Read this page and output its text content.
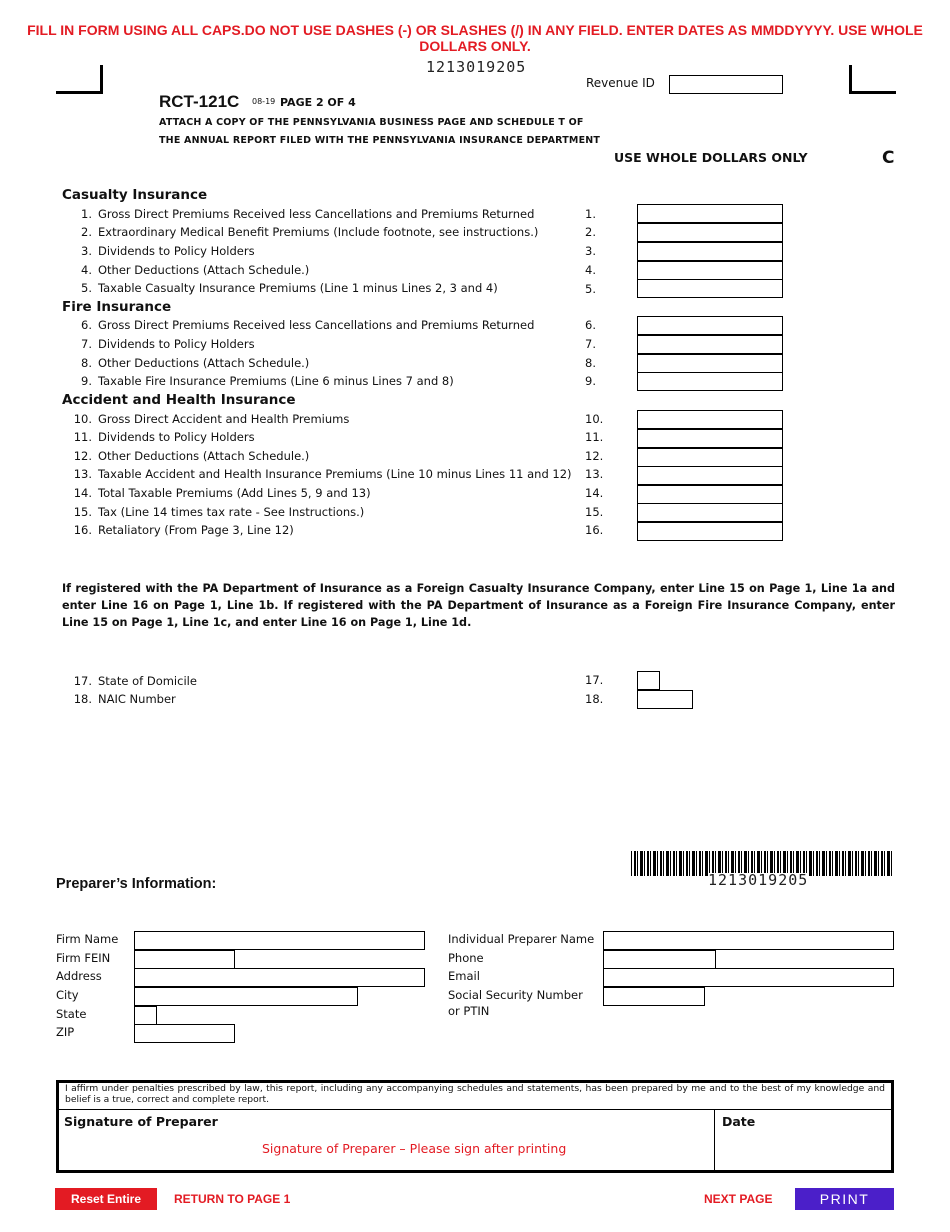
FILL IN FORM USING ALL CAPS.DO NOT USE DASHES (-) OR SLASHES (/) IN ANY FIELD. ENTER DATES AS MMDDYYYY. USE WHOLE DOLLARS ONLY.
1213019205
RCT-121C 08-19 PAGE 2 OF 4
ATTACH A COPY OF THE PENNSYLVANIA BUSINESS PAGE AND SCHEDULE T OF
THE ANNUAL REPORT FILED WITH THE PENNSYLVANIA INSURANCE DEPARTMENT
Revenue ID
USE WHOLE DOLLARS ONLY	C
Casualty Insurance
Fire Insurance
Accident and Health Insurance
1. Gross Direct Premiums Received less Cancellations and Premiums Returned	1.
2. Extraordinary Medical Benefit Premiums (Include footnote, see instructions.)	2.
3. Dividends to Policy Holders	3.
4. Other Deductions (Attach Schedule.)	4.
5. Taxable Casualty Insurance Premiums (Line 1 minus Lines 2, 3 and 4)	5.
6. Gross Direct Premiums Received less Cancellations and Premiums Returned	6.
7. Dividends to Policy Holders	7.
8. Other Deductions (Attach Schedule.)	8.
9. Taxable Fire Insurance Premiums (Line 6 minus Lines 7 and 8)	9.
10. Gross Direct Accident and Health Premiums	10.
11. Dividends to Policy Holders	11.
12. Other Deductions (Attach Schedule.)	12.
13. Taxable Accident and Health Insurance Premiums (Line 10 minus Lines 11 and 12) 13.
14. Total Taxable Premiums (Add Lines 5, 9 and 13)	14.
15. Tax (Line 14 times tax rate - See Instructions.)	15.
16. Retaliatory (From Page 3, Line 12)	16.
If registered with the PA Department of Insurance as a Foreign Casualty Insurance Company, enter Line 15 on Page 1, Line 1a and enter Line 16 on Page 1, Line 1b. If registered with the PA Department of Insurance as a Foreign Fire Insurance Company, enter Line 15 on Page 1, Line 1c, and enter Line 16 on Page 1, Line 1d.
17. State of Domicile	17.
18. NAIC Number	18.
1213019205
Preparer’s Information:
Firm Name
Firm FEIN
Address
City
State
ZIP
Individual Preparer Name
Phone
Email
Social Security Number
or PTIN
I affirm under penalties prescribed by law, this report, including any accompanying schedules and statements, has been prepared by me and to the best of my knowledge and belief is a true, correct and complete report.
Signature of Preparer	Date
Signature of Preparer – Please sign after printing
Reset Entire Form
RETURN TO PAGE 1	NEXT PAGE	PRINT FORM
